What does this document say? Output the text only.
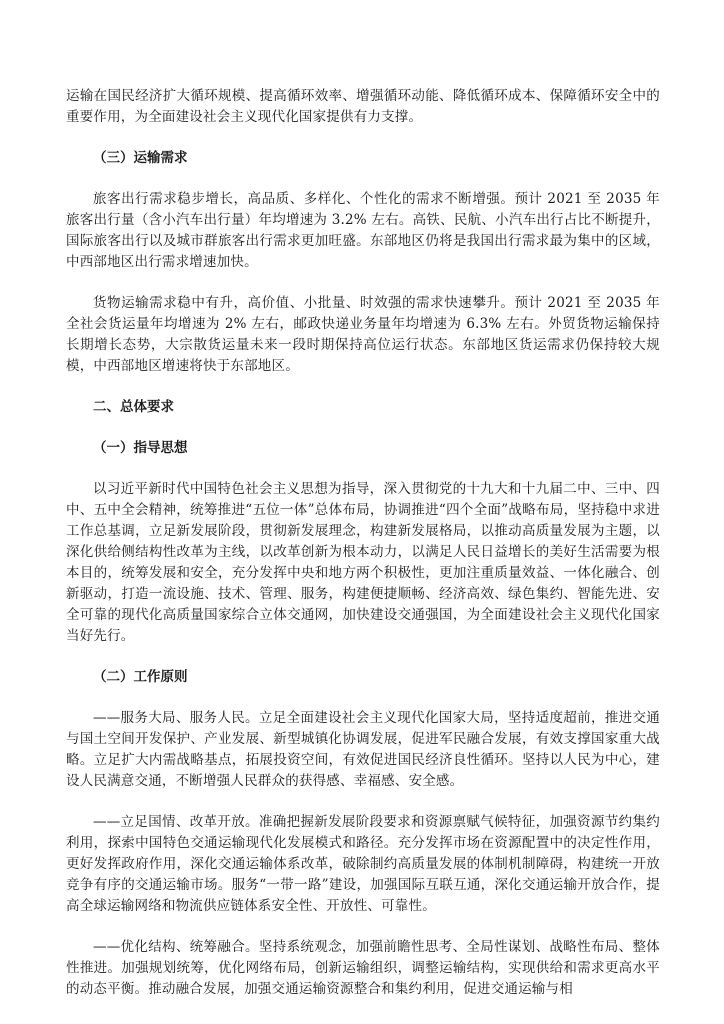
运输在国民经济扩大循环规模、提高循环效率、增强循环动能、降低循环成本、保障循环安全中的重要作用，为全面建设社会主义现代化国家提供有力支撑。

（三）运输需求

旅客出行需求稳步增长，高品质、多样化、个性化的需求不断增强。预计 2021 至 2035 年旅客出行量（含小汽车出行量）年均增速为 3.2% 左右。高铁、民航、小汽车出行占比不断提升，国际旅客出行以及城市群旅客出行需求更加旺盛。东部地区仍将是我国出行需求最为集中的区域，中西部地区出行需求增速加快。

货物运输需求稳中有升，高价值、小批量、时效强的需求快速攀升。预计 2021 至 2035 年全社会货运量年均增速为 2% 左右，邮政快递业务量年均增速为 6.3% 左右。外贸货物运输保持长期增长态势，大宗散货运量未来一段时期保持高位运行状态。东部地区货运需求仍保持较大规模，中西部地区增速将快于东部地区。

二、总体要求

（一）指导思想

以习近平新时代中国特色社会主义思想为指导，深入贯彻党的十九大和十九届二中、三中、四中、五中全会精神，统筹推进“五位一体”总体布局，协调推进“四个全面”战略布局，坚持稳中求进工作总基调，立足新发展阶段，贯彻新发展理念，构建新发展格局，以推动高质量发展为主题，以深化供给侧结构性改革为主线，以改革创新为根本动力，以满足人民日益增长的美好生活需要为根本目的，统筹发展和安全，充分发挥中央和地方两个积极性，更加注重质量效益、一体化融合、创新驱动，打造一流设施、技术、管理、服务，构建便捷顺畅、经济高效、绿色集约、智能先进、安全可靠的现代化高质量国家综合立体交通网，加快建设交通强国，为全面建设社会主义现代化国家当好先行。

（二）工作原则

——服务大局、服务人民。立足全面建设社会主义现代化国家大局，坚持适度超前，推进交通与国土空间开发保护、产业发展、新型城镇化协调发展，促进军民融合发展，有效支撑国家重大战略。立足扩大内需战略基点，拓展投资空间，有效促进国民经济良性循环。坚持以人民为中心，建设人民满意交通，不断增强人民群众的获得感、幸福感、安全感。

——立足国情、改革开放。准确把握新发展阶段要求和资源禀赋气候特征，加强资源节约集约利用，探索中国特色交通运输现代化发展模式和路径。充分发挥市场在资源配置中的决定性作用，更好发挥政府作用，深化交通运输体系改革，破除制约高质量发展的体制机制障碍，构建统一开放竞争有序的交通运输市场。服务“一带一路”建设，加强国际互联互通，深化交通运输开放合作，提高全球运输网络和物流供应链体系安全性、开放性、可靠性。

——优化结构、统筹融合。坚持系统观念，加强前瞻性思考、全局性谋划、战略性布局、整体性推进。加强规划统筹，优化网络布局，创新运输组织，调整运输结构，实现供给和需求更高水平的动态平衡。推动融合发展，加强交通运输资源整合和集约利用，促进交通运输与相
